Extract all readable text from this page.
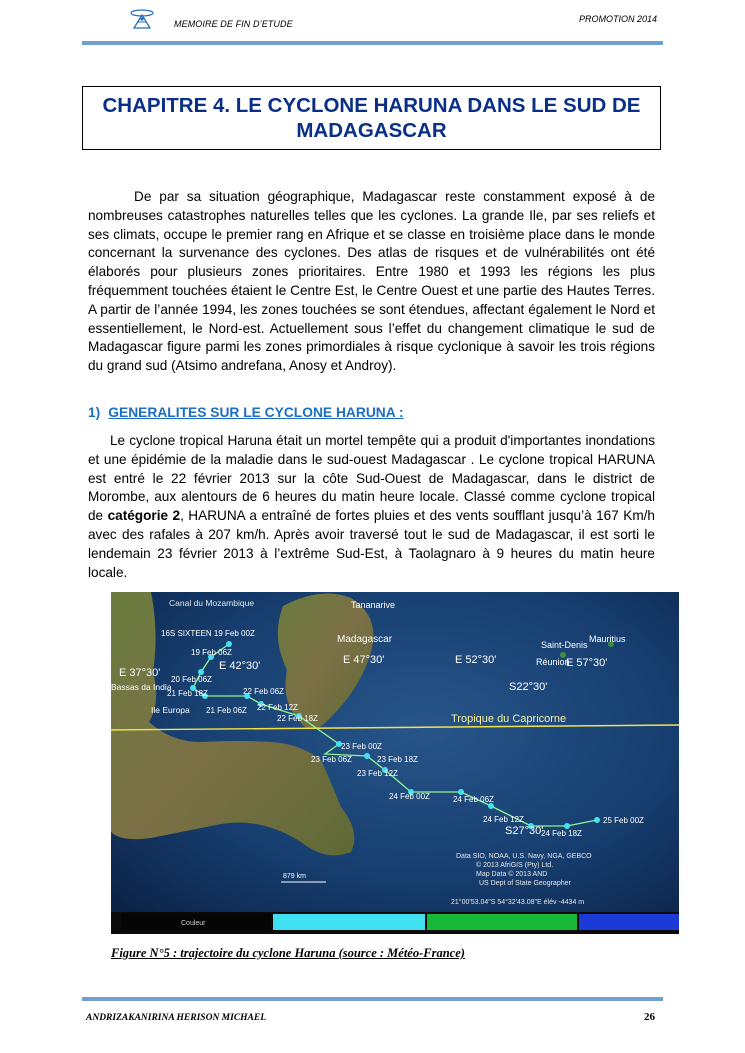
MEMOIRE DE FIN D’ETUDE	PROMOTION 2014
CHAPITRE 4. LE CYCLONE HARUNA DANS LE SUD DE MADAGASCAR

De par sa situation géographique, Madagascar reste constamment exposé à de nombreuses catastrophes naturelles telles que les cyclones. La grande Ile, par ses reliefs et ses climats, occupe le premier rang en Afrique et se classe en troisième place dans le monde concernant la survenance des cyclones. Des atlas de risques et de vulnérabilités ont été élaborés pour plusieurs zones prioritaires. Entre 1980 et 1993 les régions les plus fréquemment touchées étaient le Centre Est, le Centre Ouest et une partie des Hautes Terres. A partir de l’année 1994, les zones touchées se sont étendues, affectant également le Nord et essentiellement, le Nord-est. Actuellement sous l’effet du changement climatique le sud de Madagascar figure parmi les zones primordiales à risque cyclonique à savoir les trois régions du grand sud (Atsimo andrefana, Anosy et Androy).

1) GENERALITES SUR LE CYCLONE HARUNA :

Le cyclone tropical Haruna était un mortel tempête qui a produit d'importantes inondations et une épidémie de la maladie dans le sud-ouest Madagascar . Le cyclone tropical HARUNA est entré le 22 février 2013 sur la côte Sud-Ouest de Madagascar, dans le district de Morombe, aux alentours de 6 heures du matin heure locale. Classé comme cyclone tropical de catégorie 2, HARUNA a entraîné de fortes pluies et des vents soufflant jusqu’à 167 Km/h avec des rafales à 207 km/h. Après avoir traversé tout le sud de Madagascar, il est sorti le lendemain 23 février 2013 à l’extrême Sud-Est, à Taolagnaro à 9 heures du matin heure locale.

Tropique du Capricorne
Canal du Mozambique	Tananarive
Madagascar	Saint-Denis
Mauritius
Réunion
Bassas da India
Ile Europa
E 37°30'
E 42°30'	E 47°30'	E 52°30'	E 57°30'
S22°30'
S27°30'
16S SIXTEEN 19 Feb 00Z
19 Feb 06Z
20 Feb 06Z
21 Feb 18Z
21 Feb 06Z
22 Feb 06Z
22 Feb 12Z
22 Feb 18Z
23 Feb 00Z
23 Feb 06Z
23 Feb 12Z
23 Feb 18Z
24 Feb 00Z	24 Feb 06Z
24 Feb 12Z
24 Feb 18Z
25 Feb 00Z
Data SIO, NOAA, U.S. Navy, NGA, GEBCO
© 2013 AfriGIS (Pty) Ltd.
Map Data © 2013 AND
US Dept of State Geographer
21°00'53.04"S 54°32'43.08"E élév -4434 m
879 km
Couleur
Figure N°5 : trajectoire du cyclone Haruna (source : Météo-France)
ANDRIZAKANIRINA HERISON MICHAEL	26
